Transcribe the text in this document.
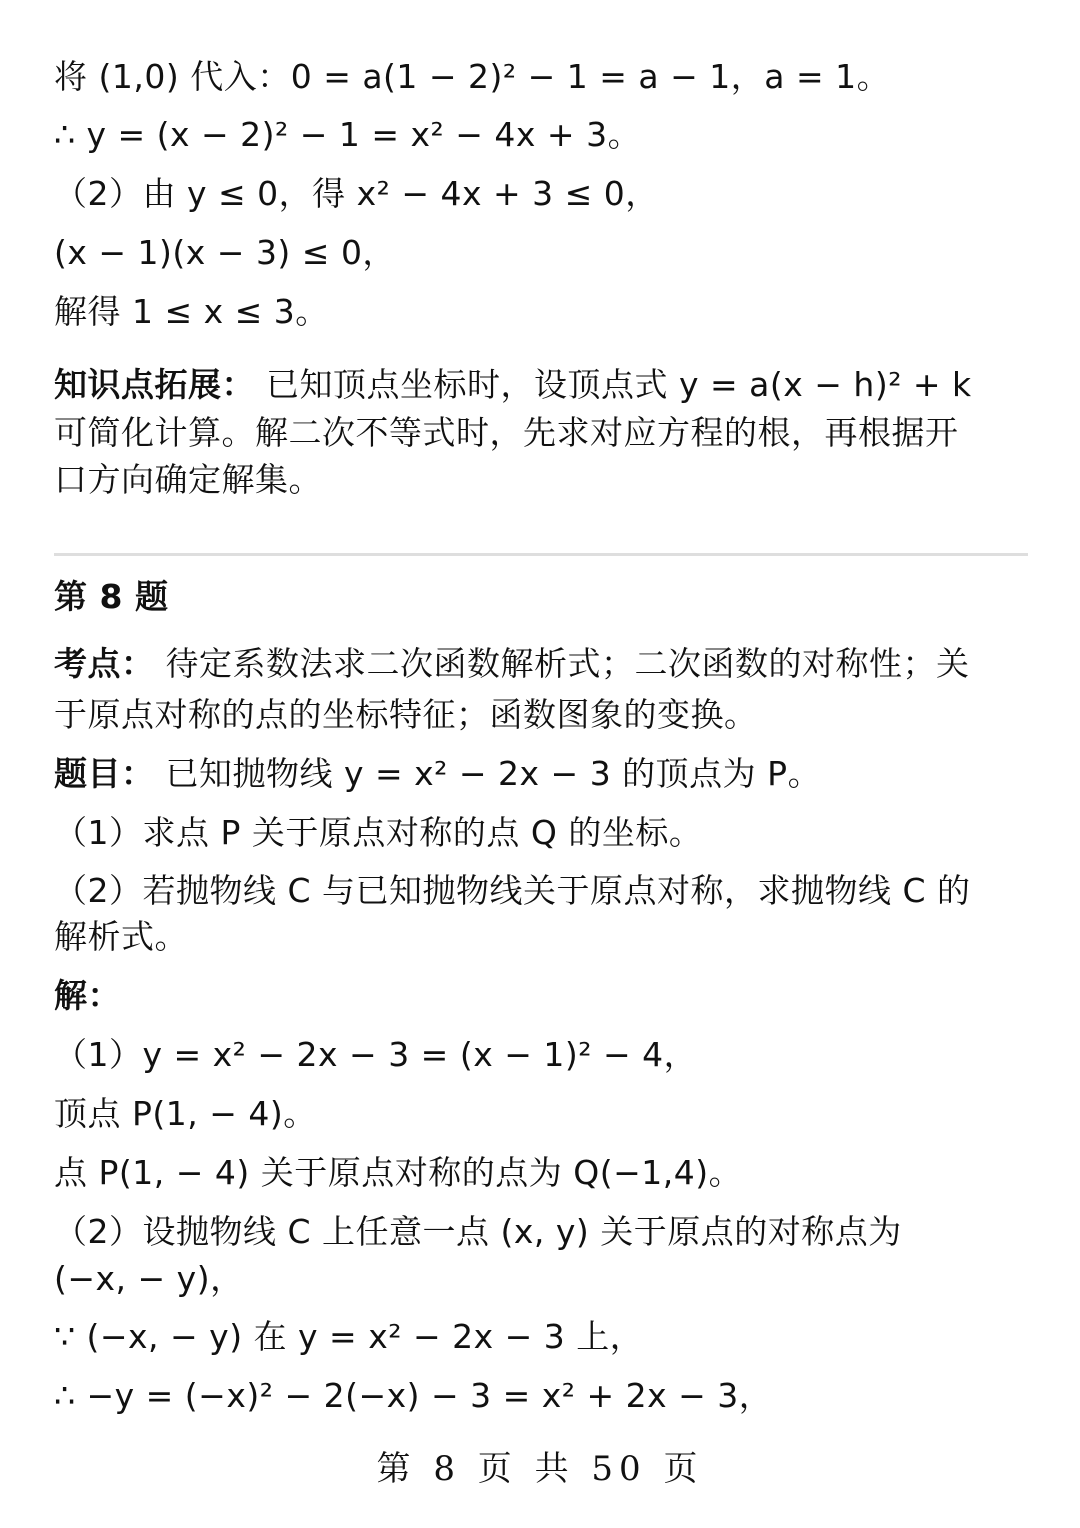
将 (1,0) 代入：0 = a(1 − 2)² − 1 = a − 1，a = 1。
∴ y = (x − 2)² − 1 = x² − 4x + 3。
（2）由 y ≤ 0，得 x² − 4x + 3 ≤ 0，
(x − 1)(x − 3) ≤ 0，
解得 1 ≤ x ≤ 3。
知识点拓展： 已知顶点坐标时，设顶点式 y = a(x − h)² + k
可简化计算。解二次不等式时，先求对应方程的根，再根据开
口方向确定解集。
第 8 题
考点： 待定系数法求二次函数解析式；二次函数的对称性；关
于原点对称的点的坐标特征；函数图象的变换。
题目： 已知抛物线 y = x² − 2x − 3 的顶点为 P。
（1）求点 P 关于原点对称的点 Q 的坐标。
（2）若抛物线 C 与已知抛物线关于原点对称，求抛物线 C 的
解析式。
解：
（1）y = x² − 2x − 3 = (x − 1)² − 4，
顶点 P(1, − 4)。
点 P(1, − 4) 关于原点对称的点为 Q(−1,4)。
（2）设抛物线 C 上任意一点 (x, y) 关于原点的对称点为
(−x, − y)，
∵ (−x, − y) 在 y = x² − 2x − 3 上，
∴ −y = (−x)² − 2(−x) − 3 = x² + 2x − 3，
第 8 页 共 50 页
